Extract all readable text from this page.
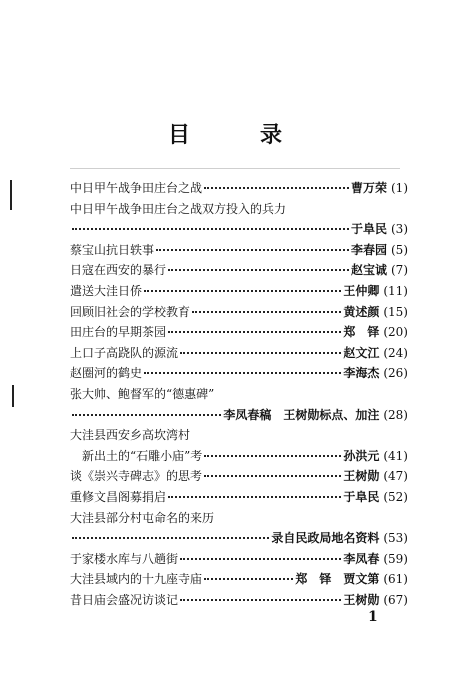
目	录
中日甲午战争田庄台之战	曹万荣 (1)
中日甲午战争田庄台之战双方投入的兵力
于阜民 (3)
蔡宝山抗日轶事	李春园 (5)
日寇在西安的暴行	赵宝诚 (7)
遣送大洼日侨	王仲卿 (11)
回顾旧社会的学校教育	黄述颜 (15)
田庄台的早期茶园	郑　铎 (20)
上口子高跷队的源流	赵文江 (24)
赵圈河的鹤史	李海杰 (26)
张大帅、鲍督军的“德惠碑”
李凤春稿　王树勋标点、加注 (28)
大洼县西安乡高坎湾村
新出土的“石雕小庙”考	孙洪元 (41)
谈《崇兴寺碑志》的思考	王树勋 (47)
重修文昌阁募捐启	于阜民 (52)
大洼县部分村屯命名的来历
录自民政局地名资料 (53)
于家楼水库与八趟街	李凤春 (59)
大洼县域内的十九座寺庙	郑　铎　贾文第 (61)
昔日庙会盛况访谈记	王树勋 (67)
1
